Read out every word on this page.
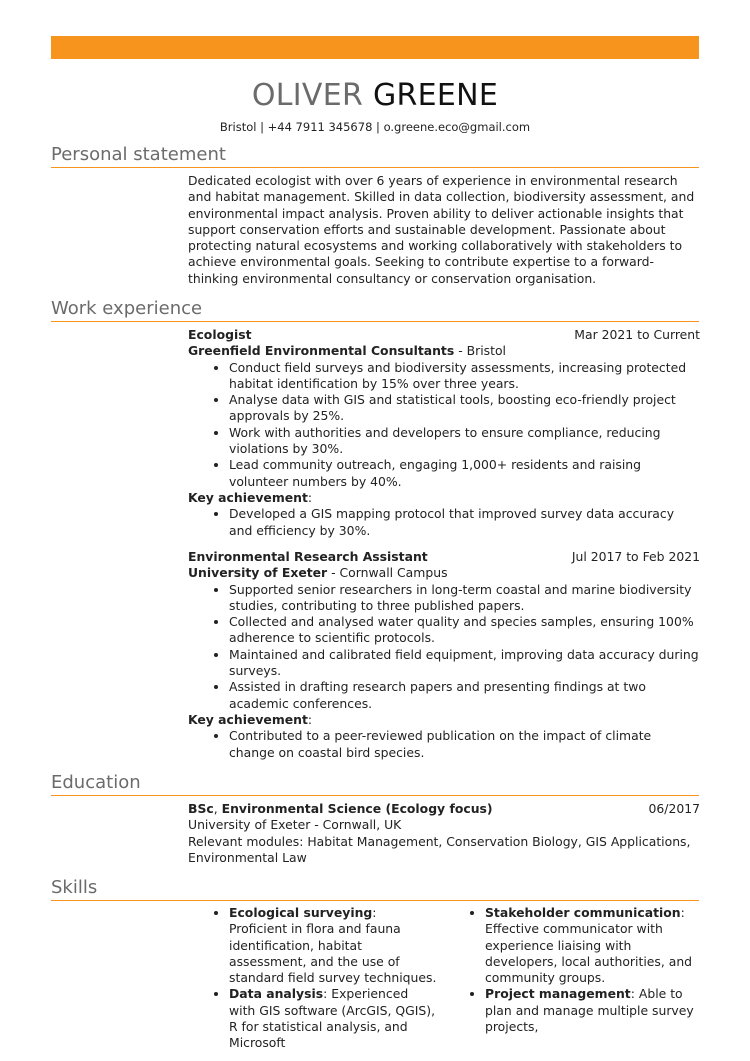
OLIVER GREENE
Bristol | +44 7911 345678 | o.greene.eco@gmail.com
Personal statement

Dedicated ecologist with over 6 years of experience in environmental research and habitat management. Skilled in data collection, biodiversity assessment, and environmental impact analysis. Proven ability to deliver actionable insights that support conservation efforts and sustainable development. Passionate about protecting natural ecosystems and working collaboratively with stakeholders to achieve environmental goals. Seeking to contribute expertise to a forward-thinking environmental consultancy or conservation organisation.

Work experience
Ecologist	Mar 2021 to Current

Greenfield Environmental Consultants - Bristol

• Conduct field surveys and biodiversity assessments, increasing protected habitat identification by 15% over three years.
• Analyse data with GIS and statistical tools, boosting eco-friendly project approvals by 25%.
• Work with authorities and developers to ensure compliance, reducing violations by 30%.
• Lead community outreach, engaging 1,000+ residents and raising volunteer numbers by 40%.

Key achievement:

• Developed a GIS mapping protocol that improved survey data accuracy and efficiency by 30%.
Environmental Research Assistant	Jul 2017 to Feb 2021

University of Exeter - Cornwall Campus

• Supported senior researchers in long-term coastal and marine biodiversity studies, contributing to three published papers.
• Collected and analysed water quality and species samples, ensuring 100% adherence to scientific protocols.
• Maintained and calibrated field equipment, improving data accuracy during surveys.
• Assisted in drafting research papers and presenting findings at two academic conferences.

Key achievement:

• Contributed to a peer-reviewed publication on the impact of climate change on coastal bird species.
Education
BSc, Environmental Science (Ecology focus)	06/2017

University of Exeter - Cornwall, UK

Relevant modules: Habitat Management, Conservation Biology, GIS Applications, Environmental Law

Skills
• Ecological surveying: Proficient in flora and fauna identification, habitat assessment, and the use of standard field survey techniques.
• Data analysis: Experienced with GIS software (ArcGIS, QGIS), R for statistical analysis, and Microsoft
• Stakeholder communication: Effective communicator with experience liaising with developers, local authorities, and community groups.
• Project management: Able to plan and manage multiple survey projects,
